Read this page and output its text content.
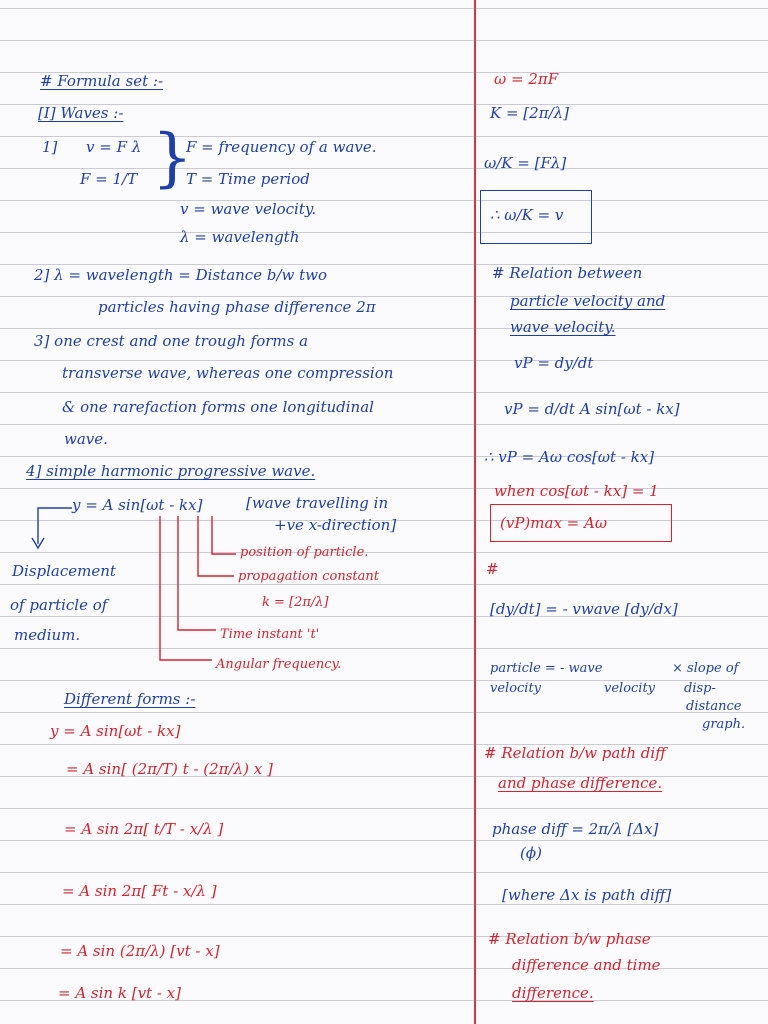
# Formula set :-
[I] Waves :-
1] v = F λ
F = 1/T }
F = frequency of a wave.
T = Time period
v = wave velocity.
λ = wavelength
2] λ = wavelength = Distance b/w two
particles having phase difference 2π
3] one crest and one trough forms a
transverse wave, whereas one compression
& one rarefaction forms one longitudinal
wave.
4] simple harmonic progressive wave.
y = A sin[ωt - kx]	[wave travelling in
+ve x-direction]
position of particle.
propagation constant
k = [2π/λ]
Time instant 't'
Angular frequency.
Displacement
of particle of
medium.
Different forms :-
y = A sin[ωt - kx]
= A sin[ (2π/T) t - (2π/λ) x ]
= A sin 2π[ t/T - x/λ ]
= A sin 2π[ Ft - x/λ ]
= A sin (2π/λ) [vt - x]
= A sin k [vt - x]
ω = 2πF
K = [2π/λ]
ω/K = [Fλ]
∴ ω/K = v
# Relation between
particle velocity and
wave velocity.
vP = dy/dt
vP = d/dt A sin[ωt - kx]
∴ vP = Aω cos[ωt - kx]
when cos[ωt - kx] = 1
(vP)max = Aω
#
[dy/dt] = - vwave [dy/dx]
particle = - wave
velocity	velocity
× slope of
disp-
distance
graph.
# Relation b/w path diff
and phase difference.
phase diff = 2π/λ [Δx]
(ϕ)
[where Δx is path diff]
# Relation b/w phase
difference and time
difference.
